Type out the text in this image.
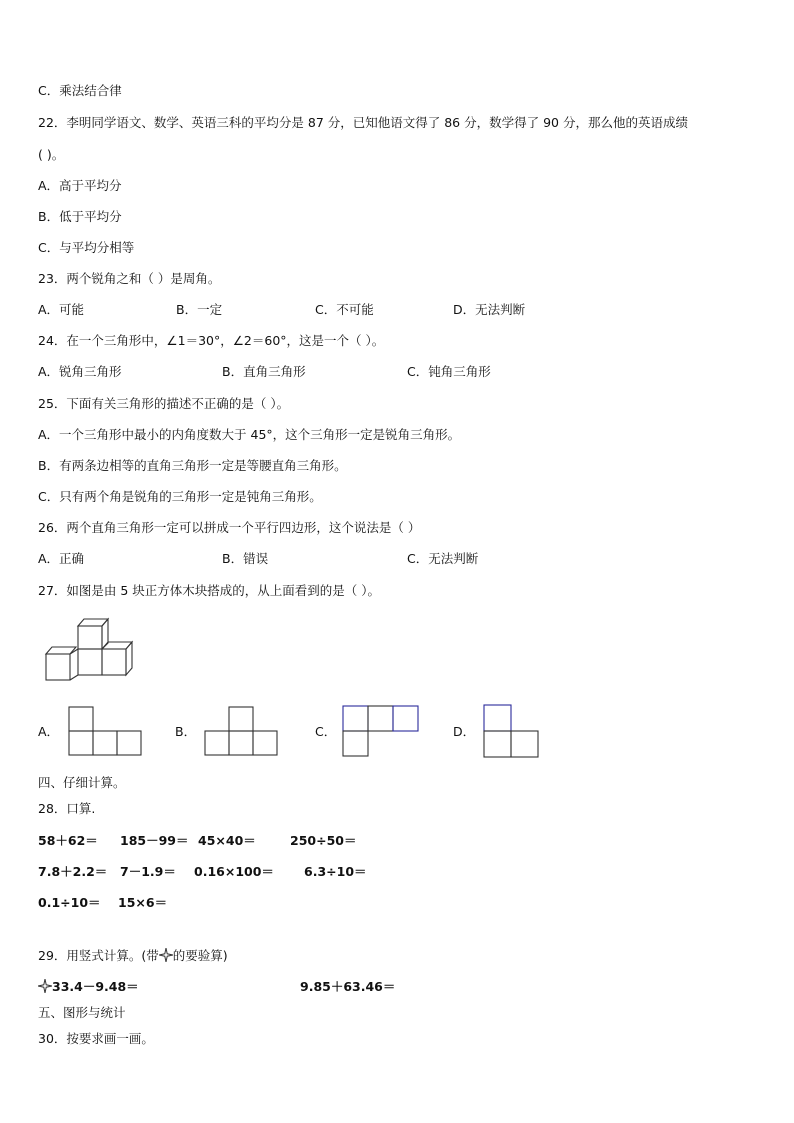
C．乘法结合律
22．李明同学语文、数学、英语三科的平均分是 87 分，已知他语文得了 86 分，数学得了 90 分，那么他的英语成绩
( )。
A．高于平均分
B．低于平均分
C．与平均分相等
23．两个锐角之和（ ）是周角。
A．可能	B．一定	C．不可能	D．无法判断
24．在一个三角形中，∠1＝30°，∠2＝60°，这是一个（ ）。
A．锐角三角形	B．直角三角形	C．钝角三角形
25．下面有关三角形的描述不正确的是（ ）。
A．一个三角形中最小的内角度数大于 45°，这个三角形一定是锐角三角形。
B．有两条边相等的直角三角形一定是等腰直角三角形。
C．只有两个角是锐角的三角形一定是钝角三角形。
26．两个直角三角形一定可以拼成一个平行四边形，这个说法是（ ）
A．正确	B．错误	C．无法判断
27．如图是由 5 块正方体木块搭成的，从上面看到的是（ ）。
A．	B．	C．	D．
四、仔细计算。
28．口算.
58＋62＝ 185－99＝ 45×40＝	250÷50＝
7.8＋2.2＝ 7－1.9＝ 0.16×100＝ 6.3÷10＝
0.1÷10＝ 15×6＝
29．用竖式计算。(带 的要验算)
33.4－9.48＝	9.85＋63.46＝
五、图形与统计
30．按要求画一画。
